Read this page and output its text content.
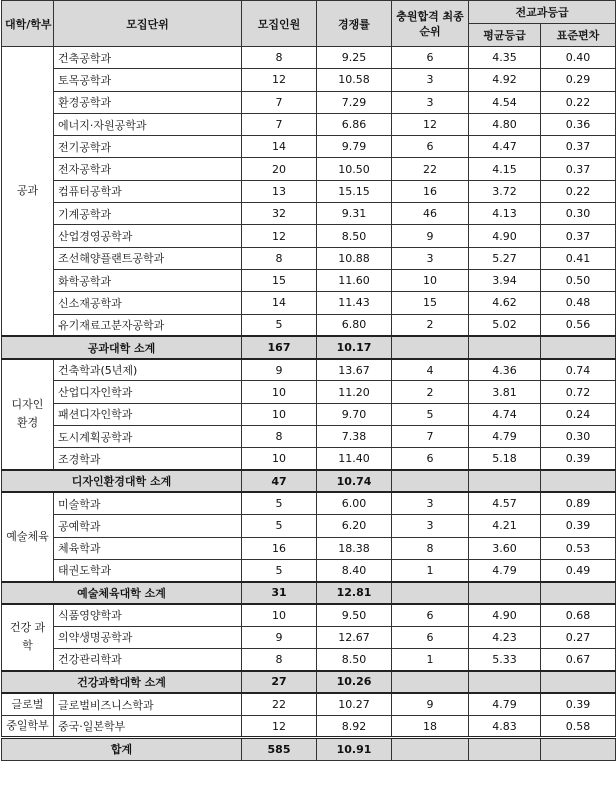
대학/학부	모집단위	모집인원	경쟁률	충원합격 최종순위	전교과등급	
					평균등급	표준편차
공과	건축공학과	8	9.25	6	4.35	0.40
	토목공학과	12	10.58	3	4.92	0.29
	환경공학과	7	7.29	3	4.54	0.22
	에너지·자원공학과	7	6.86	12	4.80	0.36
	전기공학과	14	9.79	6	4.47	0.37
	전자공학과	20	10.50	22	4.15	0.37
	컴퓨터공학과	13	15.15	16	3.72	0.22
	기계공학과	32	9.31	46	4.13	0.30
	산업경영공학과	12	8.50	9	4.90	0.37
	조선해양플랜트공학과	8	10.88	3	5.27	0.41
	화학공학과	15	11.60	10	3.94	0.50
	신소재공학과	14	11.43	15	4.62	0.48
	유기재료고분자공학과	5	6.80	2	5.02	0.56
공과대학 소계		167	10.17			
디자인 환경	건축학과(5년제)	9	13.67	4	4.36	0.74
	산업디자인학과	10	11.20	2	3.81	0.72
	패션디자인학과	10	9.70	5	4.74	0.24
	도시계획공학과	8	7.38	7	4.79	0.30
	조경학과	10	11.40	6	5.18	0.39
디자인환경대학 소계		47	10.74			
예술체육	미술학과	5	6.00	3	4.57	0.89
	공예학과	5	6.20	3	4.21	0.39
	체육학과	16	18.38	8	3.60	0.53
	태권도학과	5	8.40	1	4.79	0.49
예술체육대학 소계		31	12.81			
건강 과학	식품영양학과	10	9.50	6	4.90	0.68
	의약생명공학과	9	12.67	6	4.23	0.27
	건강관리학과	8	8.50	1	5.33	0.67
건강과학대학 소계		27	10.26			
글로벌	글로벌비즈니스학과	22	10.27	9	4.79	0.39
중일학부	중국·일본학부	12	8.92	18	4.83	0.58
합계		585	10.91			
